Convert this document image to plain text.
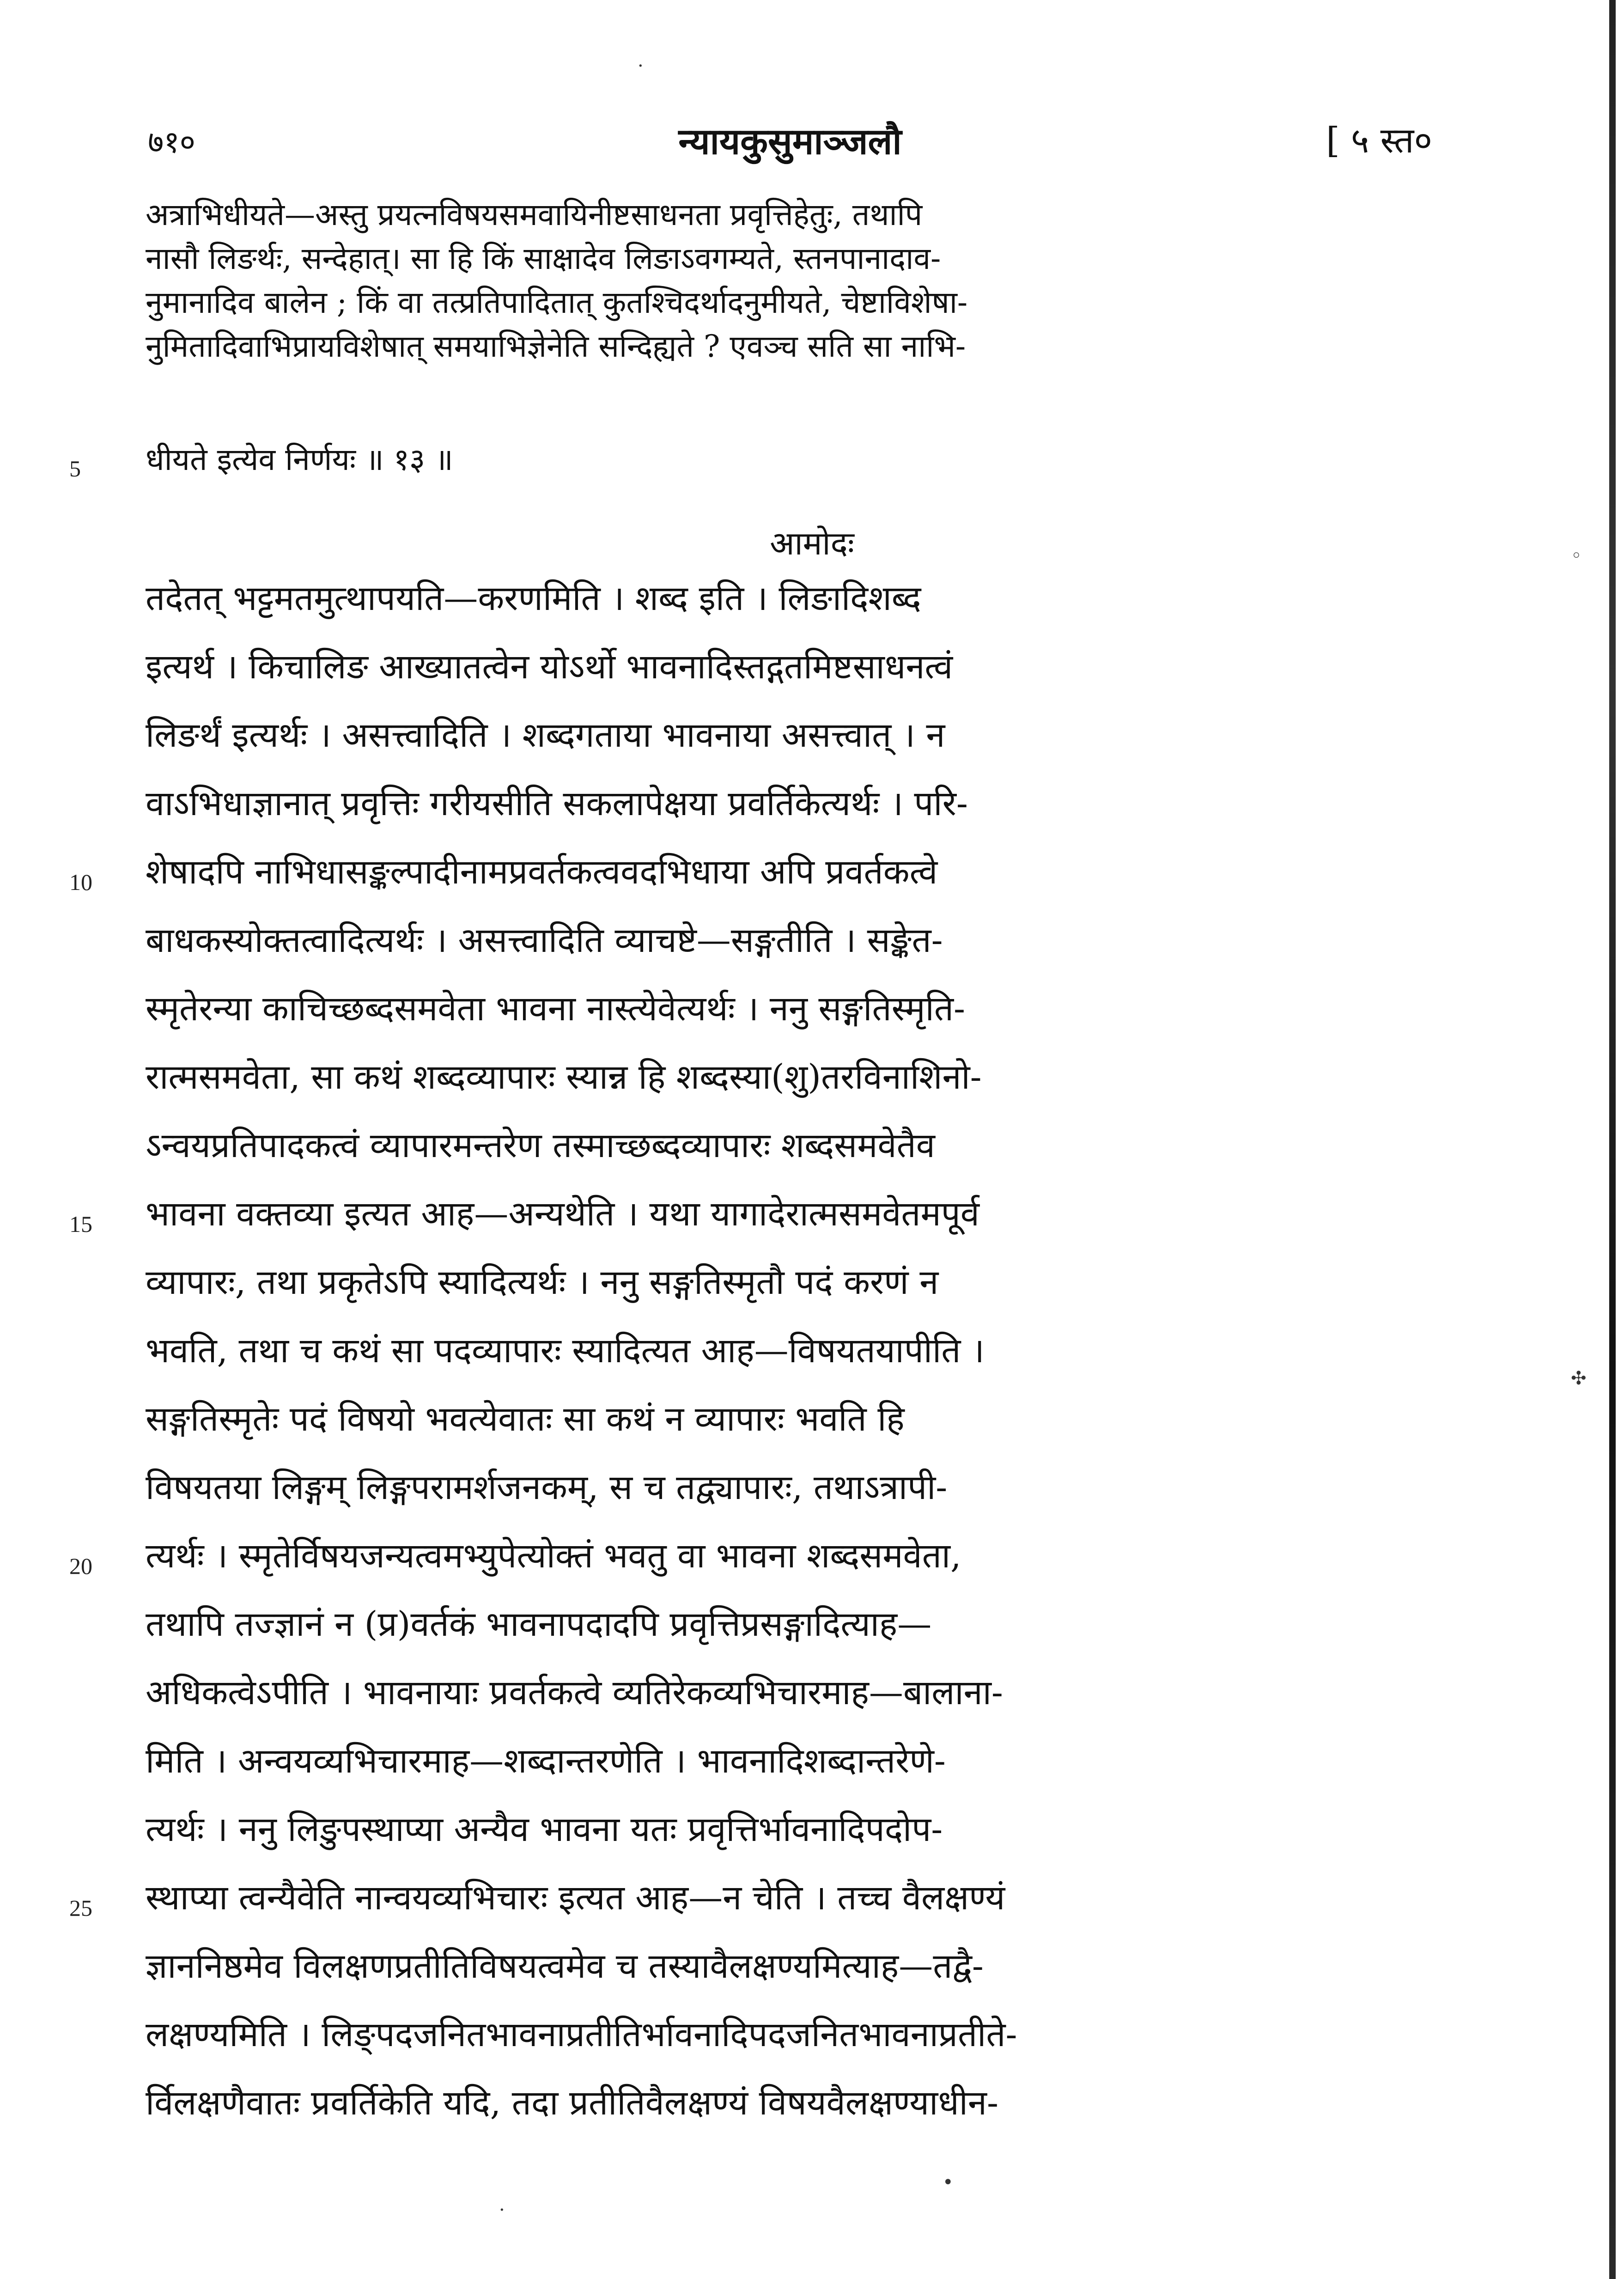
७१०	न्यायकुसुमाञ्जलौ	[ ५ स्त०
अत्राभिधीयते—अस्तु प्रयत्नविषयसमवायिनीष्टसाधनता प्रवृत्तिहेतुः, तथापि
नासौ लिङर्थः, सन्देहात्। सा हि किं साक्षादेव लिङाऽवगम्यते, स्तनपानादाव-
नुमानादिव बालेन ; किं वा तत्प्रतिपादितात् कुतश्चिदर्थादनुमीयते, चेष्टाविशेषा-
नुमितादिवाभिप्रायविशेषात् समयाभिज्ञेनेति सन्दिह्यते ? एवञ्च सति सा नाभि-
धीयते इत्येव निर्णयः ॥ १३ ॥
आमोदः
तदेतत् भट्टमतमुत्थापयति—करणमिति । शब्द इति । लिङादिशब्द
इत्यर्थ । किचालिङ आख्यातत्वेन योऽर्थो भावनादिस्तद्गतमिष्टसाधनत्वं
लिङर्थं इत्यर्थः । असत्त्वादिति । शब्दगताया भावनाया असत्त्वात् । न
वाऽभिधाज्ञानात् प्रवृत्तिः गरीयसीति सकलापेक्षया प्रवर्तिकेत्यर्थः । परि-
शेषादपि नाभिधासङ्कल्पादीनामप्रवर्तकत्ववदभिधाया अपि प्रवर्तकत्वे
बाधकस्योक्तत्वादित्यर्थः । असत्त्वादिति व्याचष्टे—सङ्गतीति । सङ्केत-
स्मृतेरन्या काचिच्छब्दसमवेता भावना नास्त्येवेत्यर्थः । ननु सङ्गतिस्मृति-
रात्मसमवेता, सा कथं शब्दव्यापारः स्यान्न हि शब्दस्या(शु)तरविनाशिनो-
ऽन्वयप्रतिपादकत्वं व्यापारमन्तरेण तस्माच्छब्दव्यापारः शब्दसमवेतैव
भावना वक्तव्या इत्यत आह—अन्यथेति । यथा यागादेरात्मसमवेतमपूर्व
व्यापारः, तथा प्रकृतेऽपि स्यादित्यर्थः । ननु सङ्गतिस्मृतौ पदं करणं न
भवति, तथा च कथं सा पदव्यापारः स्यादित्यत आह—विषयतयापीति ।
सङ्गतिस्मृतेः पदं विषयो भवत्येवातः सा कथं न व्यापारः भवति हि
विषयतया लिङ्गम् लिङ्गपरामर्शजनकम्, स च तद्व्यापारः, तथाऽत्रापी-
त्यर्थः । स्मृतेर्विषयजन्यत्वमभ्युपेत्योक्तं भवतु वा भावना शब्दसमवेता,
तथापि तज्ज्ञानं न (प्र)वर्तकं भावनापदादपि प्रवृत्तिप्रसङ्गादित्याह—
अधिकत्वेऽपीति । भावनायाः प्रवर्तकत्वे व्यतिरेकव्यभिचारमाह—बालाना-
मिति । अन्वयव्यभिचारमाह—शब्दान्तरणेति । भावनादिशब्दान्तरेणे-
त्यर्थः । ननु लिङुपस्थाप्या अन्यैव भावना यतः प्रवृत्तिर्भावनादिपदोप-
स्थाप्या त्वन्यैवेति नान्वयव्यभिचारः इत्यत आह—न चेति । तच्च वैलक्षण्यं
ज्ञाननिष्ठमेव विलक्षणप्रतीतिविषयत्वमेव च तस्यावैलक्षण्यमित्याह—तद्वै-
लक्षण्यमिति । लिङ्पदजनितभावनाप्रतीतिर्भावनादिपदजनितभावनाप्रतीते-
र्विलक्षणैवातः प्रवर्तिकेति यदि, तदा प्रतीतिवैलक्षण्यं विषयवैलक्षण्याधीन-
5
10
15
20
25
·
•
·
◦
✣
